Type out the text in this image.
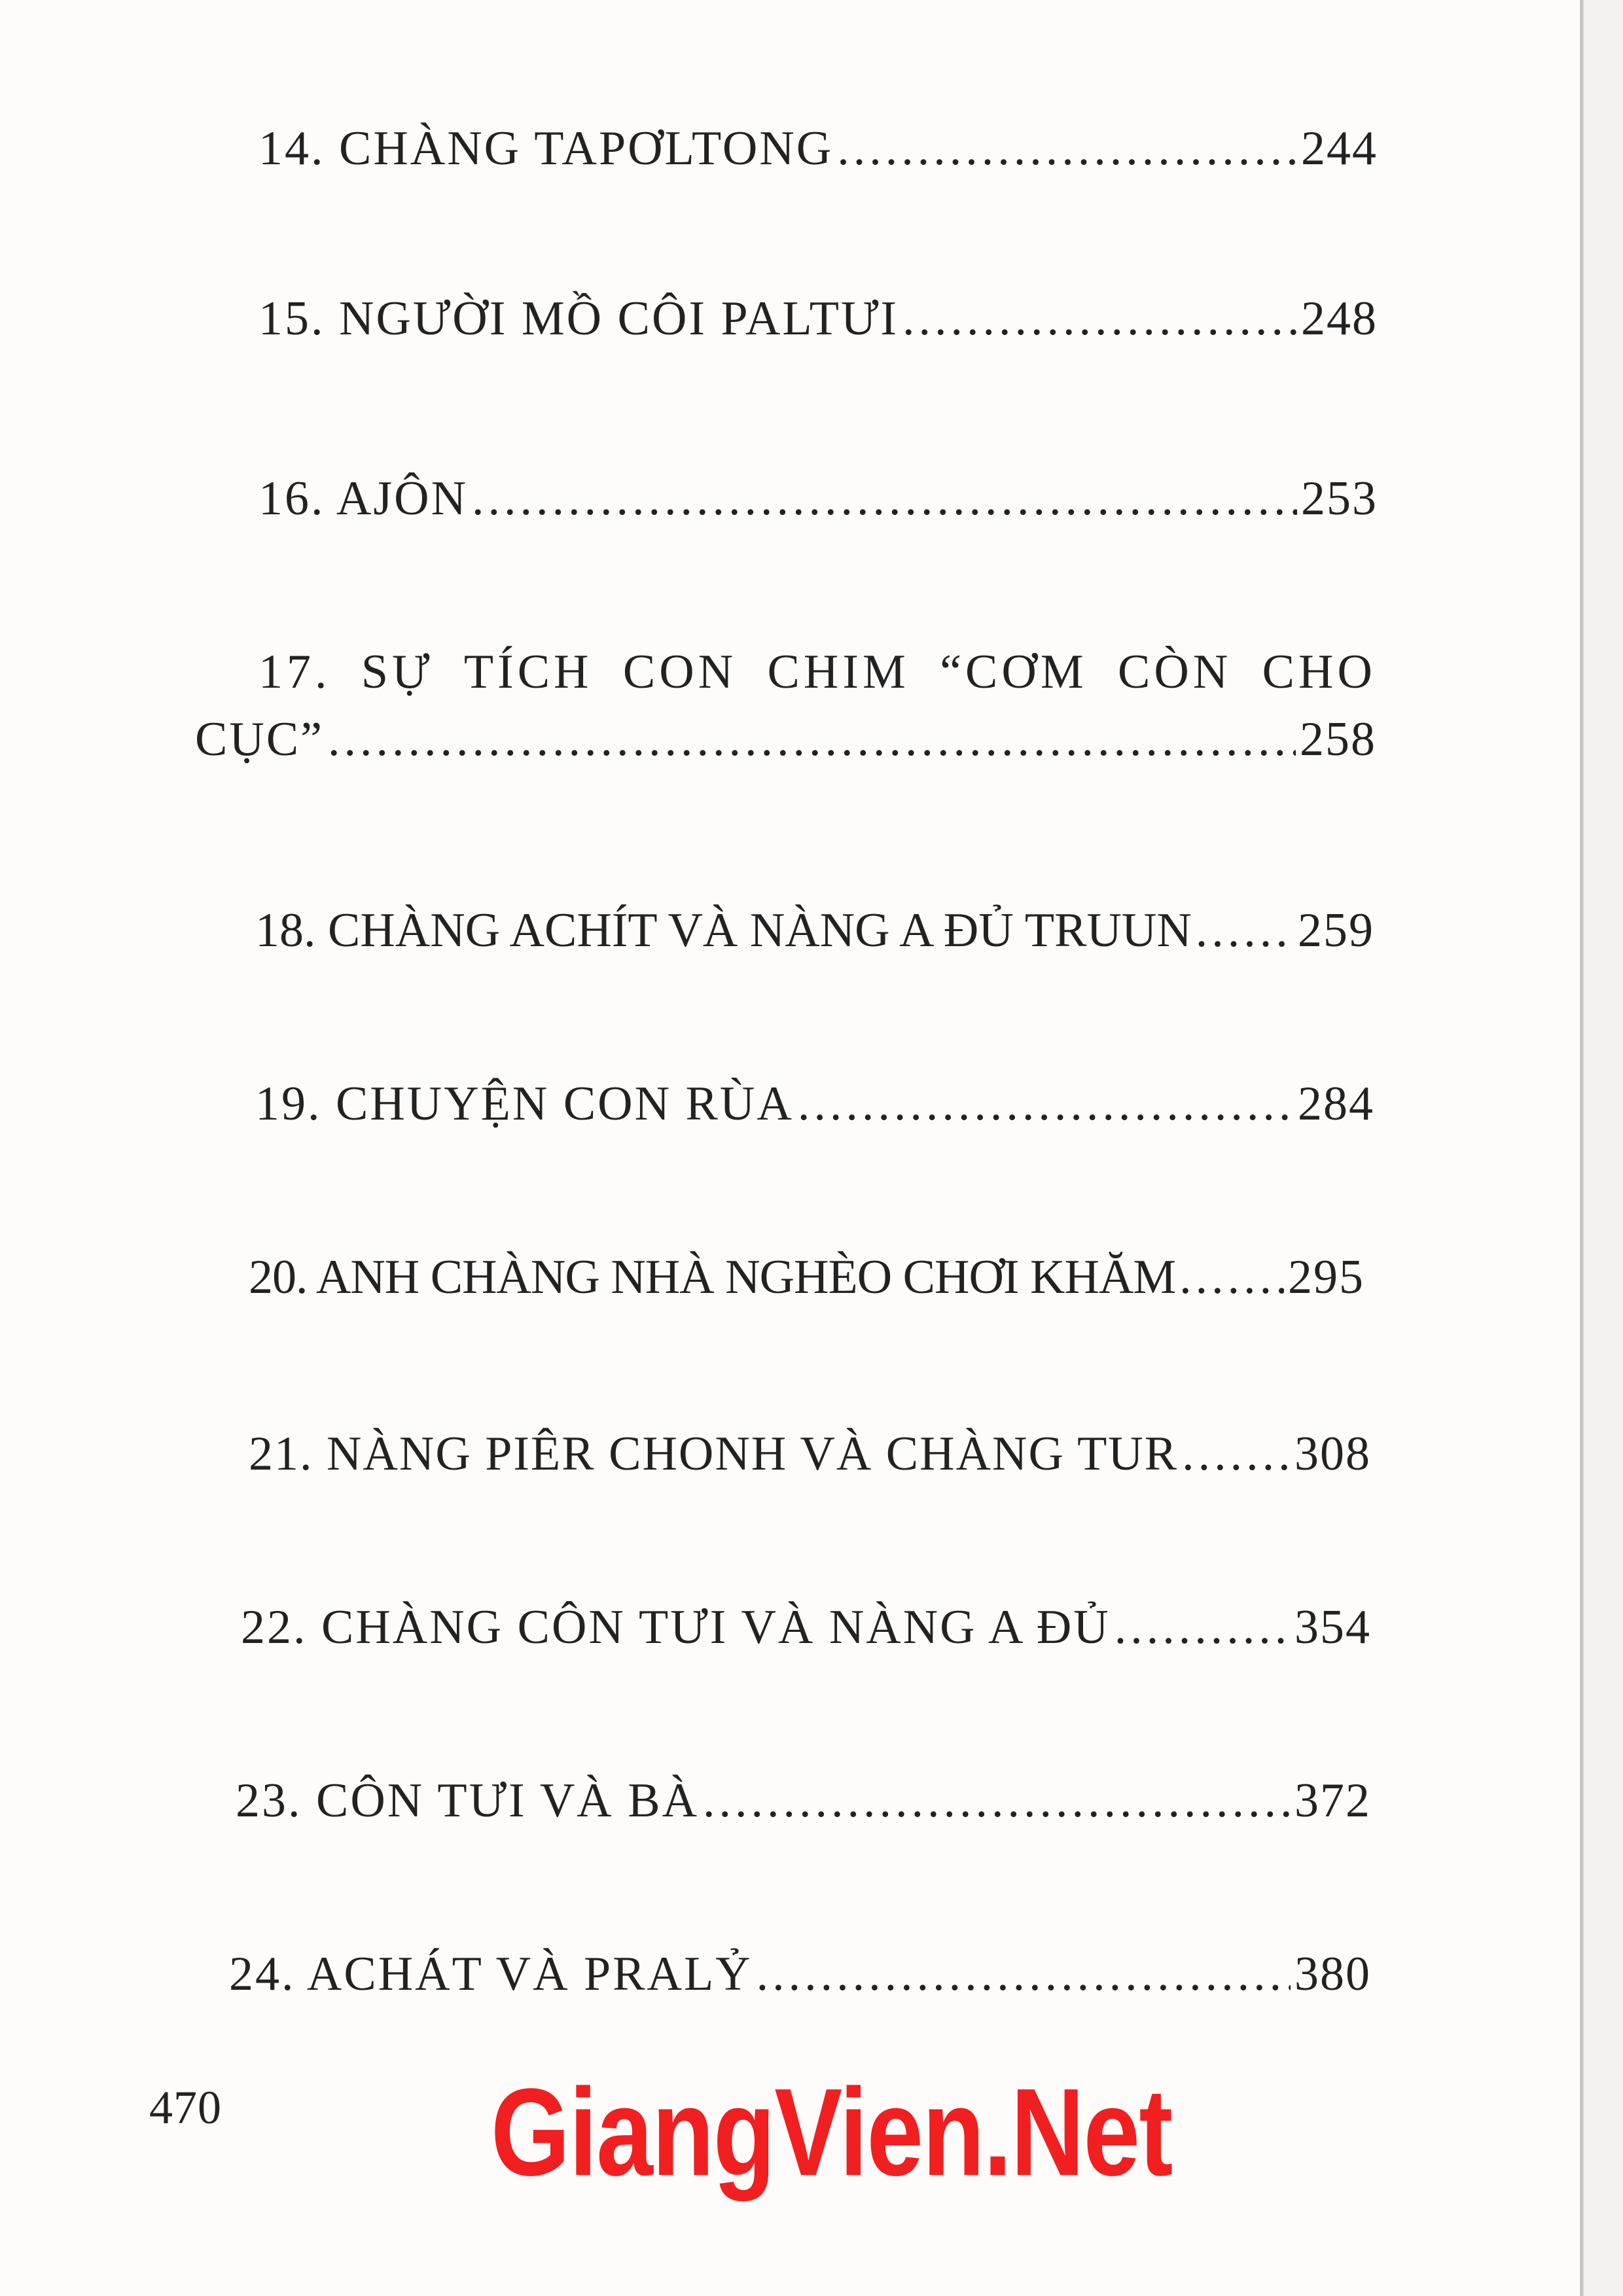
14. CHÀNG TAPƠLTONG .....	244
15. NGƯỜI MỒ CÔI PALTƯI .....	248
16. AJÔN .....	253
17. SỰ TÍCH CON CHIM “CƠM CÒN CHO
CỤC” .....	258
18. CHÀNG ACHÍT VÀ NÀNG A ĐỦ TRUUN ..... 259
19. CHUYỆN CON RÙA .....	284
20. ANH CHÀNG NHÀ NGHÈO CHƠI KHĂM ..... 295
21. NÀNG PIÊR CHONH VÀ CHÀNG TUR ..... 308
22. CHÀNG CÔN TƯI VÀ NÀNG A ĐỦ .....	354
23. CÔN TƯI VÀ BÀ .....	372
24. ACHÁT VÀ PRALỶ .....	380
470 GiangVien.Net
